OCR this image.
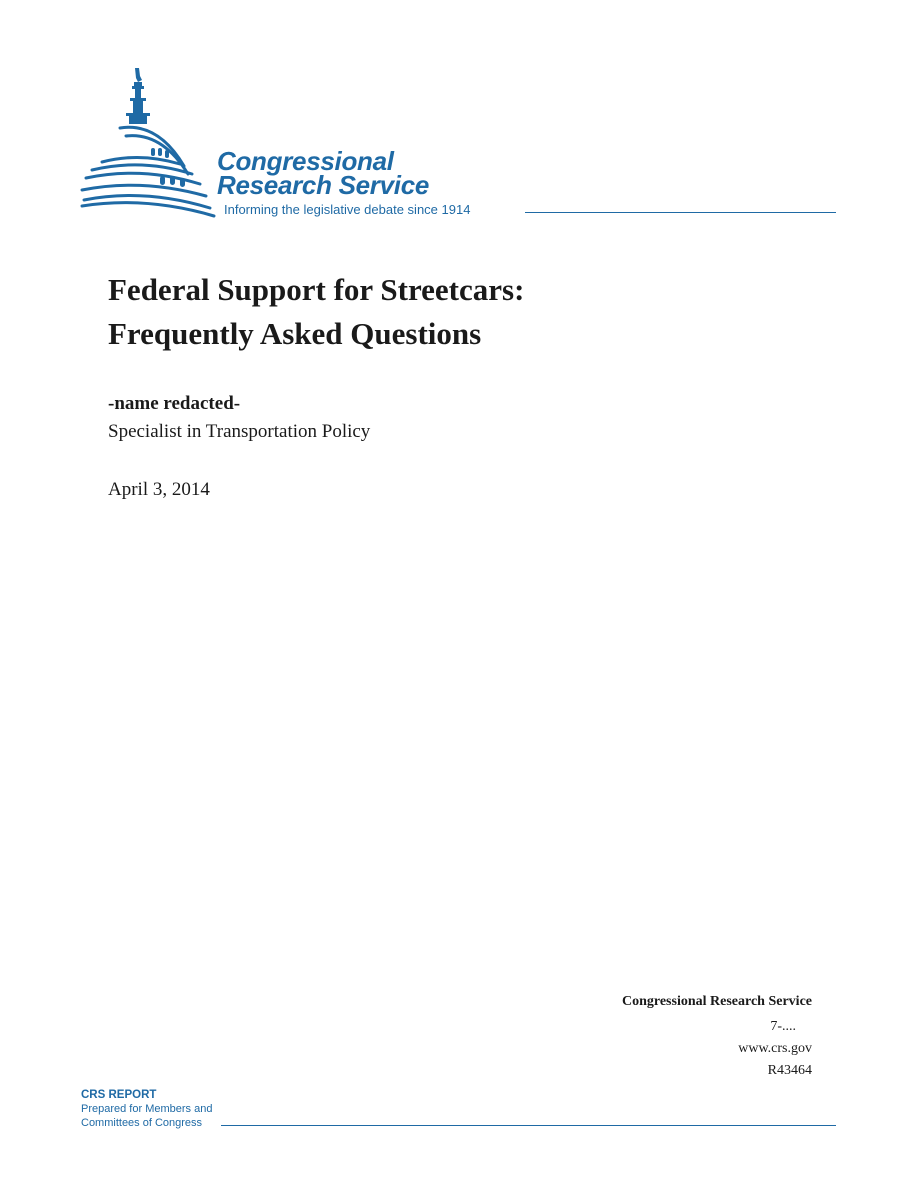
Congressional
Research Service
Informing the legislative debate since 1914
Federal Support for Streetcars:
Frequently Asked Questions
-name redacted-
Specialist in Transportation Policy
April 3, 2014
Congressional Research Service
7-....
www.crs.gov
R43464
CRS REPORT
Prepared for Members and
Committees of Congress
